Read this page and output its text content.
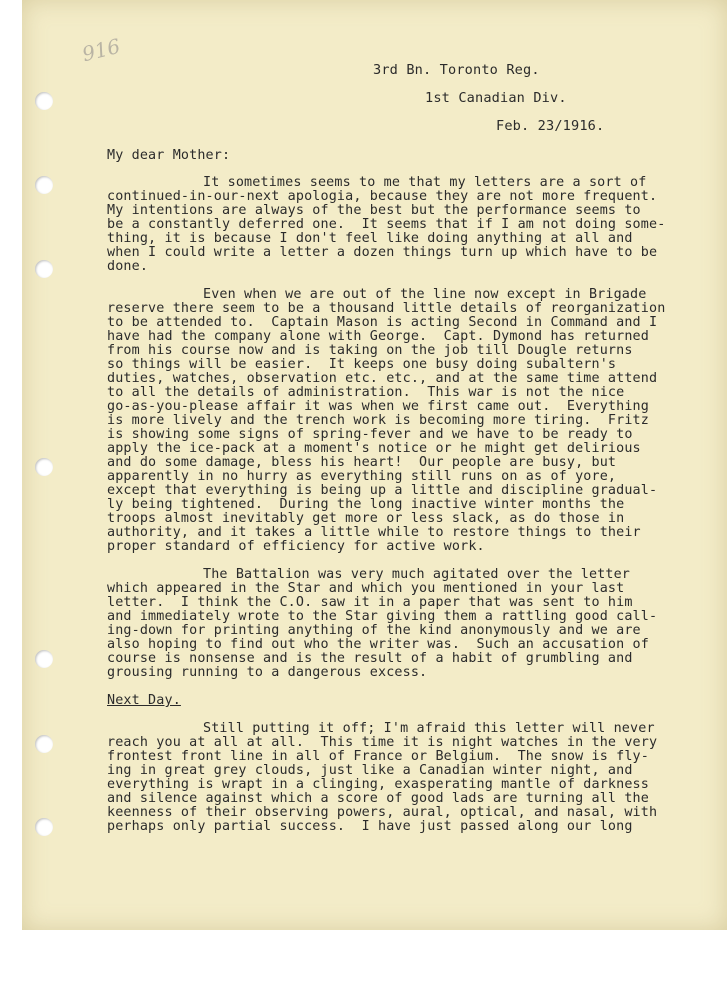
916

3rd Bn. Toronto Reg.

1st Canadian Div.

Feb. 23/1916.

My dear Mother:

It sometimes seems to me that my letters are a sort of

continued-in-our-next apologia, because they are not more frequent.

My intentions are always of the best but the performance seems to

be a constantly deferred one.  It seems that if I am not doing some-

thing, it is because I don't feel like doing anything at all and

when I could write a letter a dozen things turn up which have to be

done.

Even when we are out of the line now except in Brigade

reserve there seem to be a thousand little details of reorganization

to be attended to.  Captain Mason is acting Second in Command and I

have had the company alone with George.  Capt. Dymond has returned

from his course now and is taking on the job till Dougle returns

so things will be easier.  It keeps one busy doing subaltern's

duties, watches, observation etc. etc., and at the same time attend

to all the details of administration.  This war is not the nice

go-as-you-please affair it was when we first came out.  Everything

is more lively and the trench work is becoming more tiring.  Fritz

is showing some signs of spring-fever and we have to be ready to

apply the ice-pack at a moment's notice or he might get delirious

and do some damage, bless his heart!  Our people are busy, but

apparently in no hurry as everything still runs on as of yore,

except that everything is being up a little and discipline gradual-

ly being tightened.  During the long inactive winter months the

troops almost inevitably get more or less slack, as do those in

authority, and it takes a little while to restore things to their

proper standard of efficiency for active work.

The Battalion was very much agitated over the letter

which appeared in the Star and which you mentioned in your last

letter.  I think the C.O. saw it in a paper that was sent to him

and immediately wrote to the Star giving them a rattling good call-

ing-down for printing anything of the kind anonymously and we are

also hoping to find out who the writer was.  Such an accusation of

course is nonsense and is the result of a habit of grumbling and

grousing running to a dangerous excess.

Next Day.

Still putting it off; I'm afraid this letter will never

reach you at all at all.  This time it is night watches in the very

frontest front line in all of France or Belgium.  The snow is fly-

ing in great grey clouds, just like a Canadian winter night, and

everything is wrapt in a clinging, exasperating mantle of darkness

and silence against which a score of good lads are turning all the

keenness of their observing powers, aural, optical, and nasal, with

perhaps only partial success.  I have just passed along our long
